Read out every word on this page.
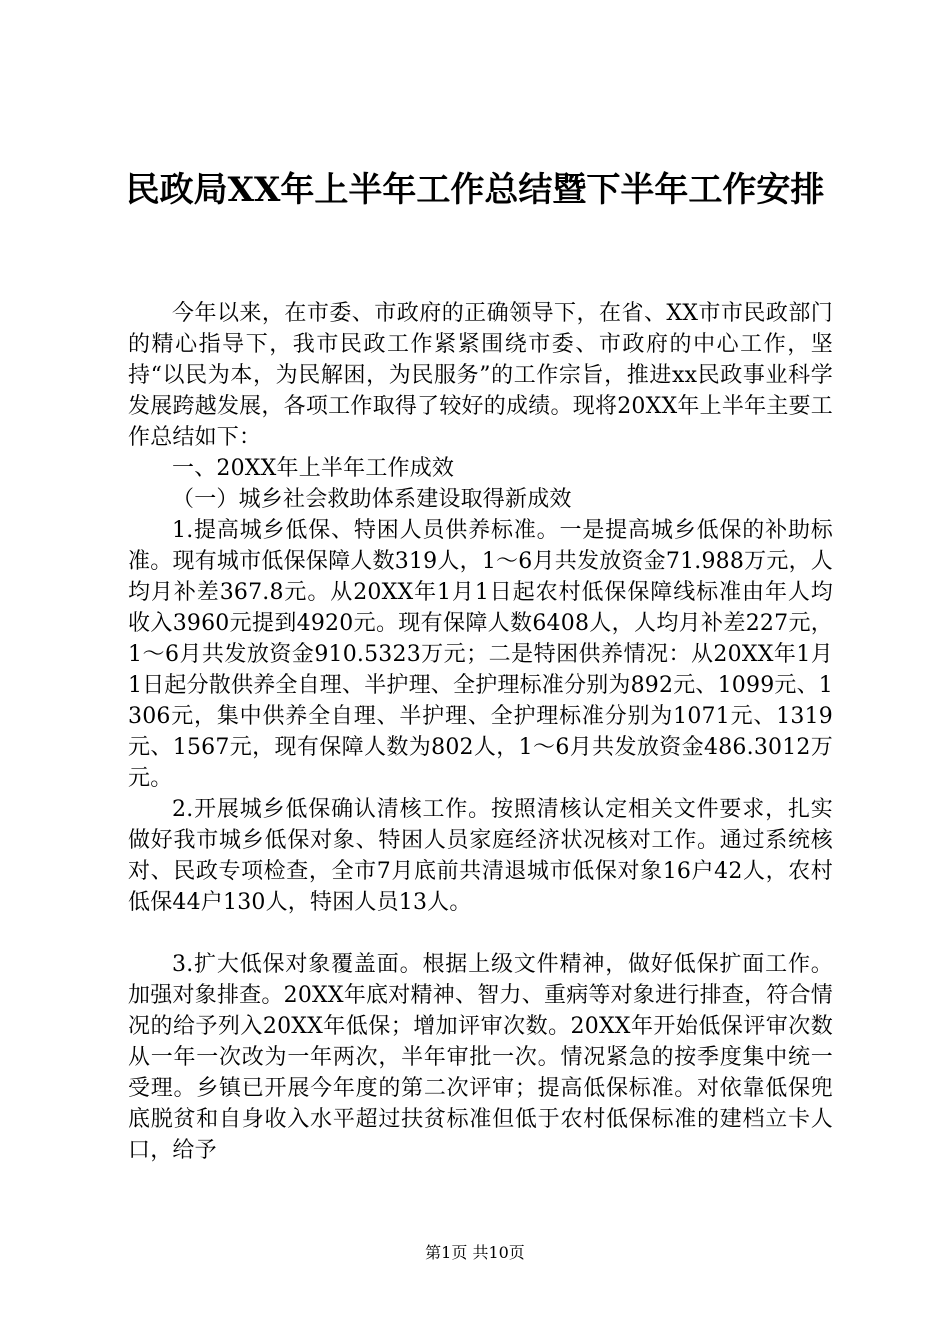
民政局XX年上半年工作总结暨下半年工作安排

今年以来，在市委、市政府的正确领导下，在省、XX市市民政部门的精心指导下，我市民政工作紧紧围绕市委、市政府的中心工作，坚持“以民为本，为民解困，为民服务”的工作宗旨，推进xx民政事业科学发展跨越发展，各项工作取得了较好的成绩。现将20XX年上半年主要工作总结如下：

一、20XX年上半年工作成效

（一）城乡社会救助体系建设取得新成效

1.提高城乡低保、特困人员供养标准。一是提高城乡低保的补助标准。现有城市低保保障人数319人，1～6月共发放资金71.988万元，人均月补差367.8元。从20XX年1月1日起农村低保保障线标准由年人均收入3960元提到4920元。现有保障人数6408人，人均月补差227元，1～6月共发放资金910.5323万元；二是特困供养情况：从20XX年1月1日起分散供养全自理、半护理、全护理标准分别为892元、1099元、1306元，集中供养全自理、半护理、全护理标准分别为1071元、1319元、1567元，现有保障人数为802人，1～6月共发放资金486.3012万元。

2.开展城乡低保确认清核工作。按照清核认定相关文件要求，扎实做好我市城乡低保对象、特困人员家庭经济状况核对工作。通过系统核对、民政专项检查，全市7月底前共清退城市低保对象16户42人，农村低保44户130人，特困人员13人。

3.扩大低保对象覆盖面。根据上级文件精神，做好低保扩面工作。加强对象排查。20XX年底对精神、智力、重病等对象进行排查，符合情况的给予列入20XX年低保；增加评审次数。20XX年开始低保评审次数从一年一次改为一年两次，半年审批一次。情况紧急的按季度集中统一受理。乡镇已开展今年度的第二次评审；提高低保标准。对依靠低保兜底脱贫和自身收入水平超过扶贫标准但低于农村低保标准的建档立卡人口，给予

第1页 共10页
